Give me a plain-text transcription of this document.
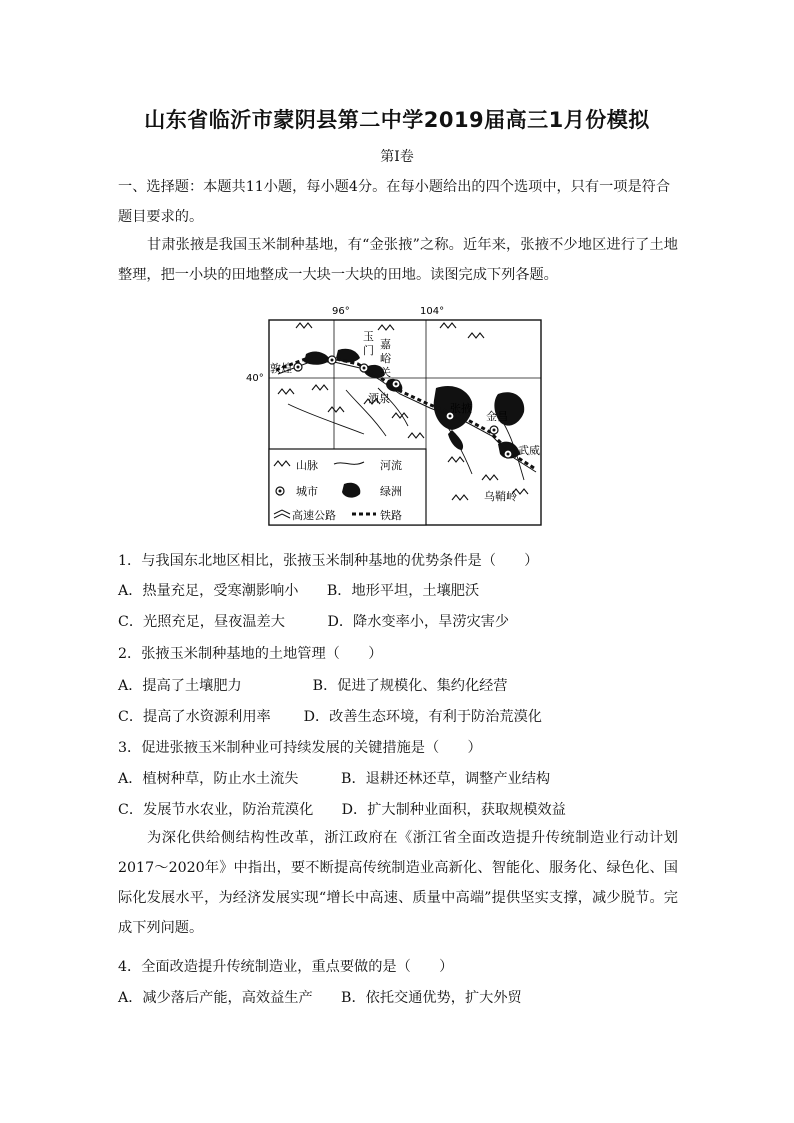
山东省临沂市蒙阴县第二中学2019届高三1月份模拟
第Ⅰ卷
一、选择题：本题共11小题，每小题4分。在每小题给出的四个选项中，只有一项是符合
题目要求的。
甘肃张掖是我国玉米制种基地，有“金张掖”之称。近年来，张掖不少地区进行了土地整理，把一小块的田地整成一大块一大块的田地。读图完成下列各题。
96°	104°
40°
敦煌
玉
门 嘉
峪
关
酒泉
张掖
金昌
武威
乌鞘岭
山脉	河流
城市	绿洲
高速公路	铁路
1．与我国东北地区相比，张掖玉米制种基地的优势条件是（　　）
A．热量充足，受寒潮影响小　　B．地形平坦，土壤肥沃
C．光照充足，昼夜温差大　　　D．降水变率小，旱涝灾害少
2．张掖玉米制种基地的土地管理（　　）
A．提高了土壤肥力　　　　　B．促进了规模化、集约化经营
C．提高了水资源利用率　　 D．改善生态环境，有利于防治荒漠化
3．促进张掖玉米制种业可持续发展的关键措施是（　　）
A．植树种草，防止水土流失　　　B．退耕还林还草，调整产业结构
C．发展节水农业，防治荒漠化　　D．扩大制种业面积，获取规模效益
为深化供给侧结构性改革，浙江政府在《浙江省全面改造提升传统制造业行动计划2017～2020年》中指出，要不断提高传统制造业高新化、智能化、服务化、绿色化、国际化发展水平，为经济发展实现“增长中高速、质量中高端”提供坚实支撑，减少脱节。完成下列问题。
4．全面改造提升传统制造业，重点要做的是（　　）
A．减少落后产能，高效益生产　　B．依托交通优势，扩大外贸
